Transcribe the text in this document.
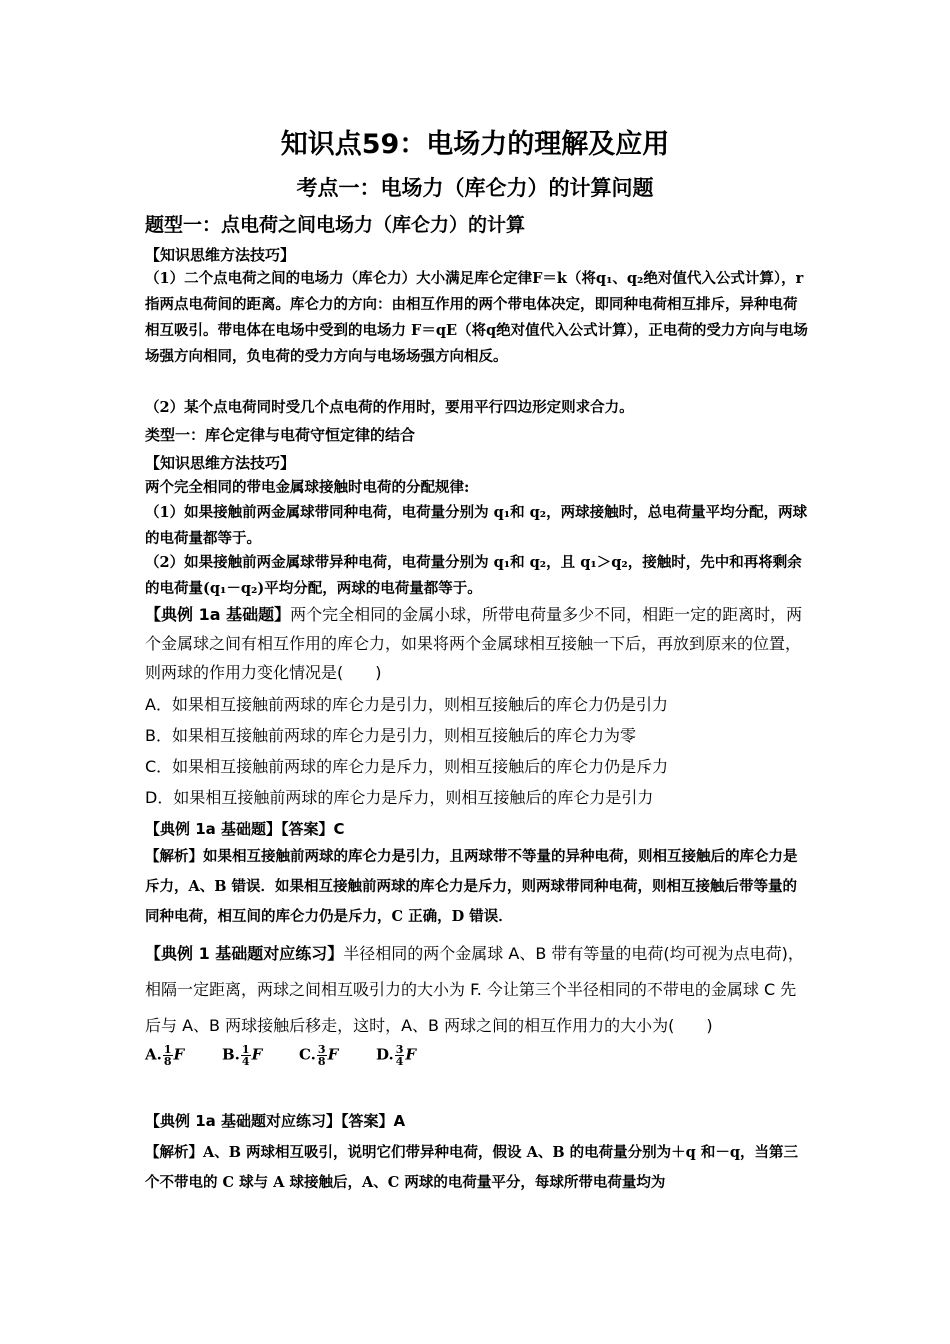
知识点59：电场力的理解及应用
考点一：电场力（库仑力）的计算问题
题型一：点电荷之间电场力（库仑力）的计算
【知识思维方法技巧】
（1）二个点电荷之间的电场力（库仑力）大小满足库仑定律F＝k（将q₁、q₂绝对值代入公式计算），r指两点电荷间的距离。库仑力的方向：由相互作用的两个带电体决定，即同种电荷相互排斥，异种电荷相互吸引。带电体在电场中受到的电场力 F＝qE（将q绝对值代入公式计算），正电荷的受力方向与电场场强方向相同，负电荷的受力方向与电场场强方向相反。
（2）某个点电荷同时受几个点电荷的作用时，要用平行四边形定则求合力。
类型一：库仑定律与电荷守恒定律的结合
【知识思维方法技巧】
两个完全相同的带电金属球接触时电荷的分配规律:
（1）如果接触前两金属球带同种电荷，电荷量分别为 q₁和 q₂，两球接触时，总电荷量平均分配，两球的电荷量都等于。
（2）如果接触前两金属球带异种电荷，电荷量分别为 q₁和 q₂，且 q₁＞q₂，接触时，先中和再将剩余的电荷量(q₁－q₂)平均分配，两球的电荷量都等于。
【典例 1a 基础题】两个完全相同的金属小球，所带电荷量多少不同，相距一定的距离时，两个金属球之间有相互作用的库仑力，如果将两个金属球相互接触一下后，再放到原来的位置，则两球的作用力变化情况是(　　)
A．如果相互接触前两球的库仑力是引力，则相互接触后的库仑力仍是引力
B．如果相互接触前两球的库仑力是引力，则相互接触后的库仑力为零
C．如果相互接触前两球的库仑力是斥力，则相互接触后的库仑力仍是斥力
D．如果相互接触前两球的库仑力是斥力，则相互接触后的库仑力是引力
【典例 1a 基础题】【答案】C
【解析】如果相互接触前两球的库仑力是引力，且两球带不等量的异种电荷，则相互接触后的库仑力是斥力，A、B 错误．如果相互接触前两球的库仑力是斥力，则两球带同种电荷，则相互接触后带等量的同种电荷，相互间的库仑力仍是斥力，C 正确，D 错误．
【典例 1 基础题对应练习】半径相同的两个金属球 A、B 带有等量的电荷(均可视为点电荷)，相隔一定距离，两球之间相互吸引力的大小为 F. 今让第三个半径相同的不带电的金属球 C 先后与 A、B 两球接触后移走，这时，A、B 两球之间的相互作用力的大小为(　　)
A. $\frac{1}{8}$ F	B. $\frac{1}{4}$ F C. $\frac{3}{8}$ F	D. $\frac{3}{4}$ F
【典例 1a 基础题对应练习】【答案】A
【解析】A、B 两球相互吸引，说明它们带异种电荷，假设 A、B 的电荷量分别为＋q 和－q，当第三个不带电的 C 球与 A 球接触后，A、C 两球的电荷量平分，每球所带电荷量均为
